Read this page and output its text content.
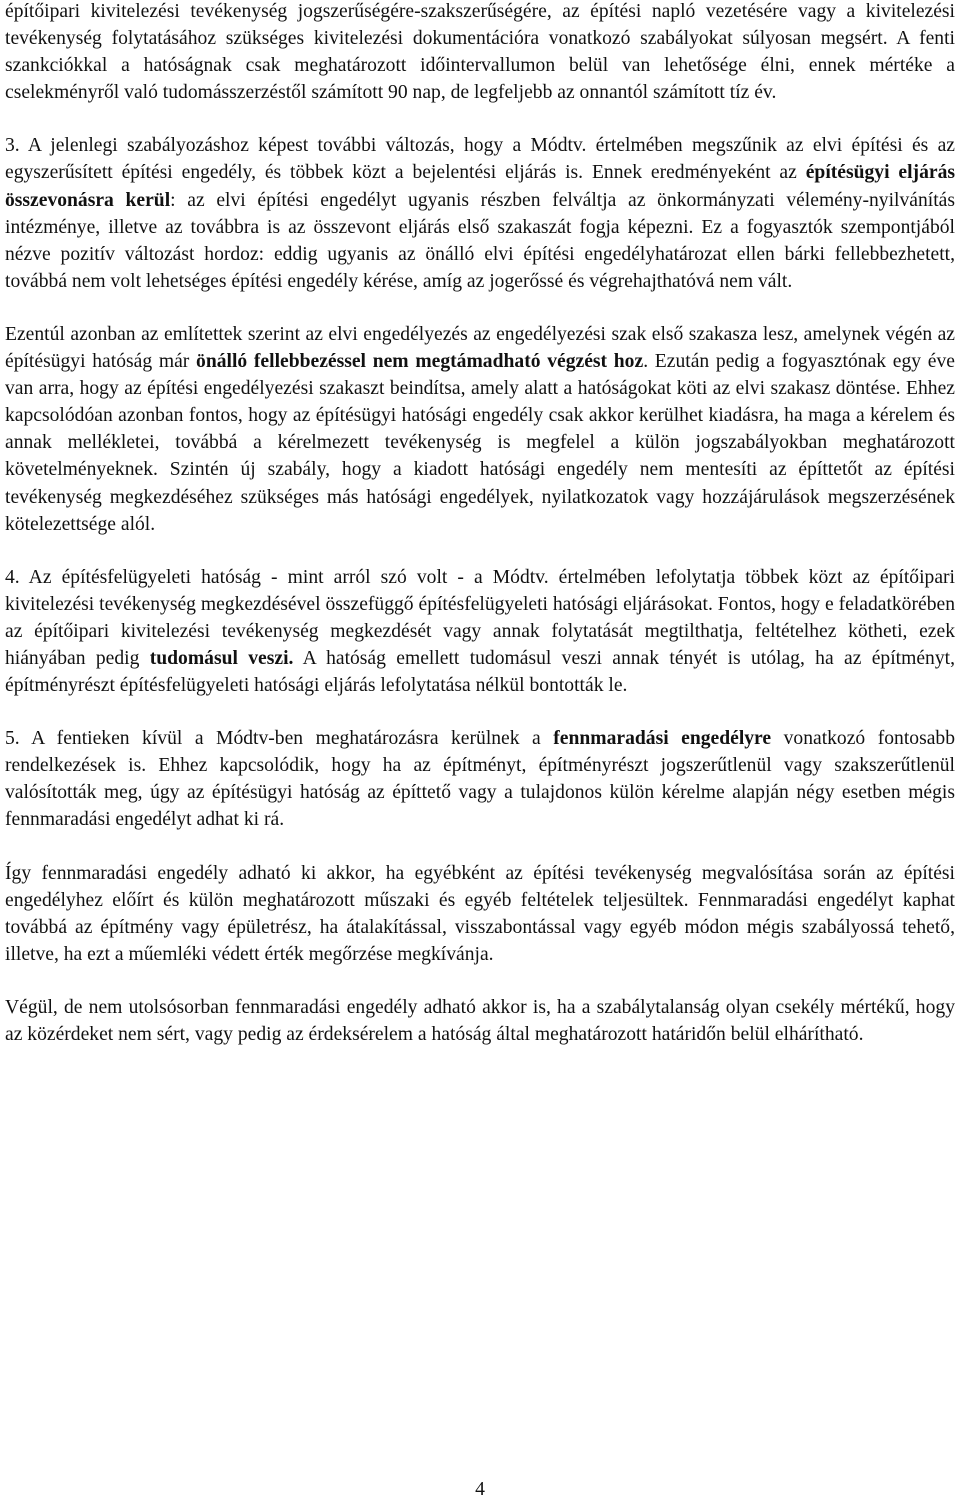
építőipari kivitelezési tevékenység jogszerűségére-szakszerűségére, az építési napló vezetésére vagy a kivitelezési tevékenység folytatásához szükséges kivitelezési dokumentációra vonatkozó szabályokat súlyosan megsért. A fenti szankciókkal a hatóságnak csak meghatározott időintervallumon belül van lehetősége élni, ennek mértéke a cselekményről való tudomásszerzéstől számított 90 nap, de legfeljebb az onnantól számított tíz év.

3. A jelenlegi szabályozáshoz képest további változás, hogy a Módtv. értelmében megszűnik az elvi építési és az egyszerűsített építési engedély, és többek közt a bejelentési eljárás is. Ennek eredményeként az építésügyi eljárás összevonásra kerül: az elvi építési engedélyt ugyanis részben felváltja az önkormányzati vélemény-nyilvánítás intézménye, illetve az továbbra is az összevont eljárás első szakaszát fogja képezni. Ez a fogyasztók szempontjából nézve pozitív változást hordoz: eddig ugyanis az önálló elvi építési engedélyhatározat ellen bárki fellebbezhetett, továbbá nem volt lehetséges építési engedély kérése, amíg az jogerőssé és végrehajthatóvá nem vált.

Ezentúl azonban az említettek szerint az elvi engedélyezés az engedélyezési szak első szakasza lesz, amelynek végén az építésügyi hatóság már önálló fellebbezéssel nem megtámadható végzést hoz. Ezután pedig a fogyasztónak egy éve van arra, hogy az építési engedélyezési szakaszt beindítsa, amely alatt a hatóságokat köti az elvi szakasz döntése. Ehhez kapcsolódóan azonban fontos, hogy az építésügyi hatósági engedély csak akkor kerülhet kiadásra, ha maga a kérelem és annak mellékletei, továbbá a kérelmezett tevékenység is megfelel a külön jogszabályokban meghatározott követelményeknek. Szintén új szabály, hogy a kiadott hatósági engedély nem mentesíti az építtetőt az építési tevékenység megkezdéséhez szükséges más hatósági engedélyek, nyilatkozatok vagy hozzájárulások megszerzésének kötelezettsége alól.

4. Az építésfelügyeleti hatóság - mint arról szó volt - a Módtv. értelmében lefolytatja többek közt az építőipari kivitelezési tevékenység megkezdésével összefüggő építésfelügyeleti hatósági eljárásokat. Fontos, hogy e feladatkörében az építőipari kivitelezési tevékenység megkezdését vagy annak folytatását megtilthatja, feltételhez kötheti, ezek hiányában pedig tudomásul veszi. A hatóság emellett tudomásul veszi annak tényét is utólag, ha az építményt, építményrészt építésfelügyeleti hatósági eljárás lefolytatása nélkül bontották le.

5. A fentieken kívül a Módtv-ben meghatározásra kerülnek a fennmaradási engedélyre vonatkozó fontosabb rendelkezések is. Ehhez kapcsolódik, hogy ha az építményt, építményrészt jogszerűtlenül vagy szakszerűtlenül valósították meg, úgy az építésügyi hatóság az építtető vagy a tulajdonos külön kérelme alapján négy esetben mégis fennmaradási engedélyt adhat ki rá.

Így fennmaradási engedély adható ki akkor, ha egyébként az építési tevékenység megvalósítása során az építési engedélyhez előírt és külön meghatározott műszaki és egyéb feltételek teljesültek. Fennmaradási engedélyt kaphat továbbá az építmény vagy épületrész, ha átalakítással, visszabontással vagy egyéb módon mégis szabályossá tehető, illetve, ha ezt a műemléki védett érték megőrzése megkívánja.

Végül, de nem utolsósorban fennmaradási engedély adható akkor is, ha a szabálytalanság olyan csekély mértékű, hogy az közérdeket nem sért, vagy pedig az érdeksérelem a hatóság által meghatározott határidőn belül elhárítható.

4
